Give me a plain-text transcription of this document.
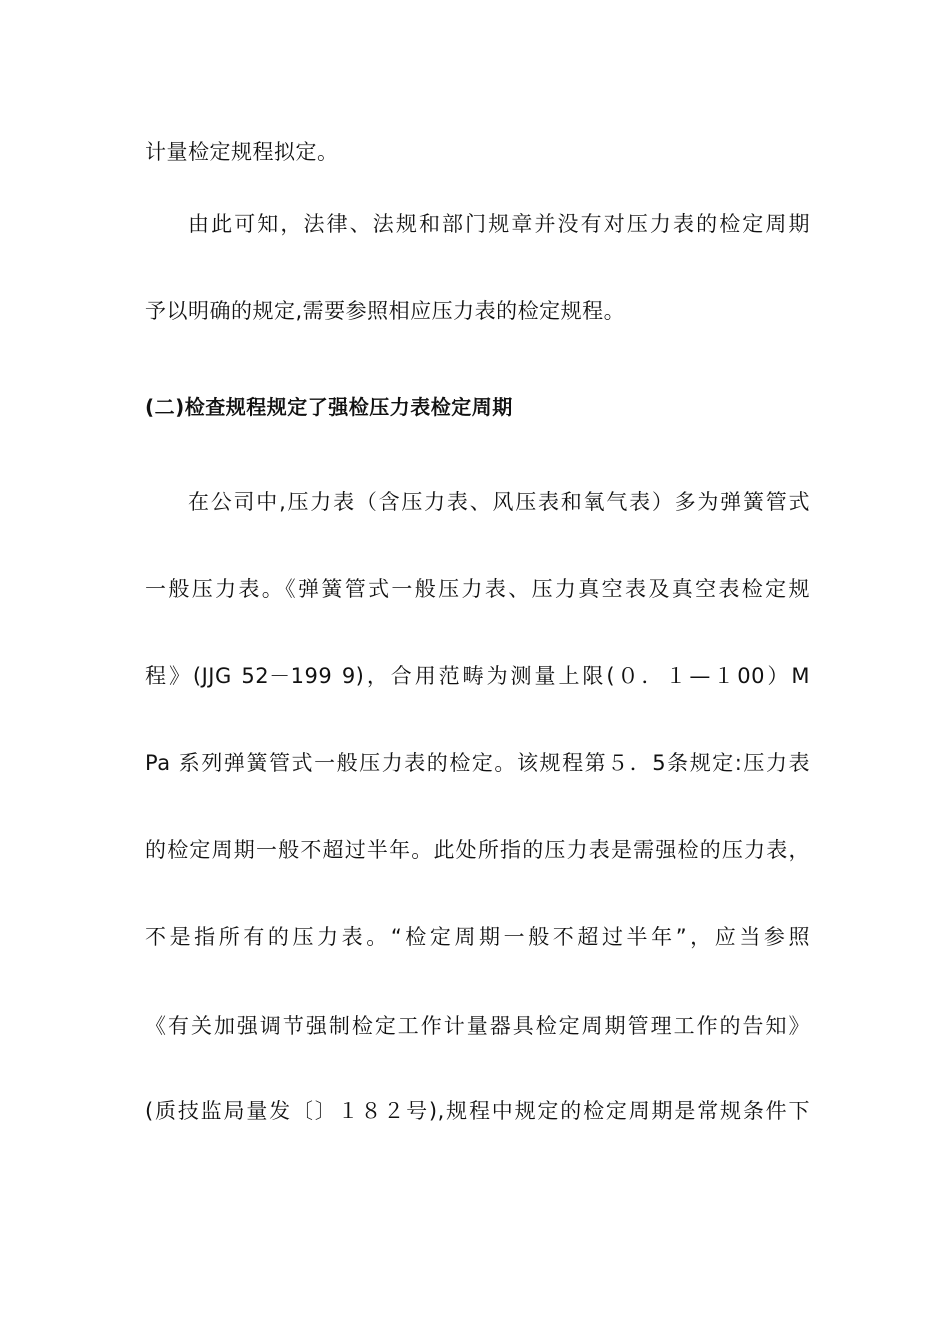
计量检定规程拟定。
由此可知，法律、法规和部门规章并没有对压力表的检定周期
予以明确的规定,需要参照相应压力表的检定规程。
(二)检查规程规定了强检压力表检定周期
在公司中,压力表（含压力表、风压表和氧气表）多为弹簧管式
一般压力表。《弹簧管式一般压力表、压力真空表及真空表检定规
程》(JJG 52－199 9)，合用范畴为测量上限(０．１—１00）M
Pa 系列弹簧管式一般压力表的检定。该规程第５．5条规定:压力表
的检定周期一般不超过半年。此处所指的压力表是需强检的压力表，
不是指所有的压力表。“检定周期一般不超过半年”，应当参照
《有关加强调节强制检定工作计量器具检定周期管理工作的告知》
(质技监局量发〔〕１８２号),规程中规定的检定周期是常规条件下
